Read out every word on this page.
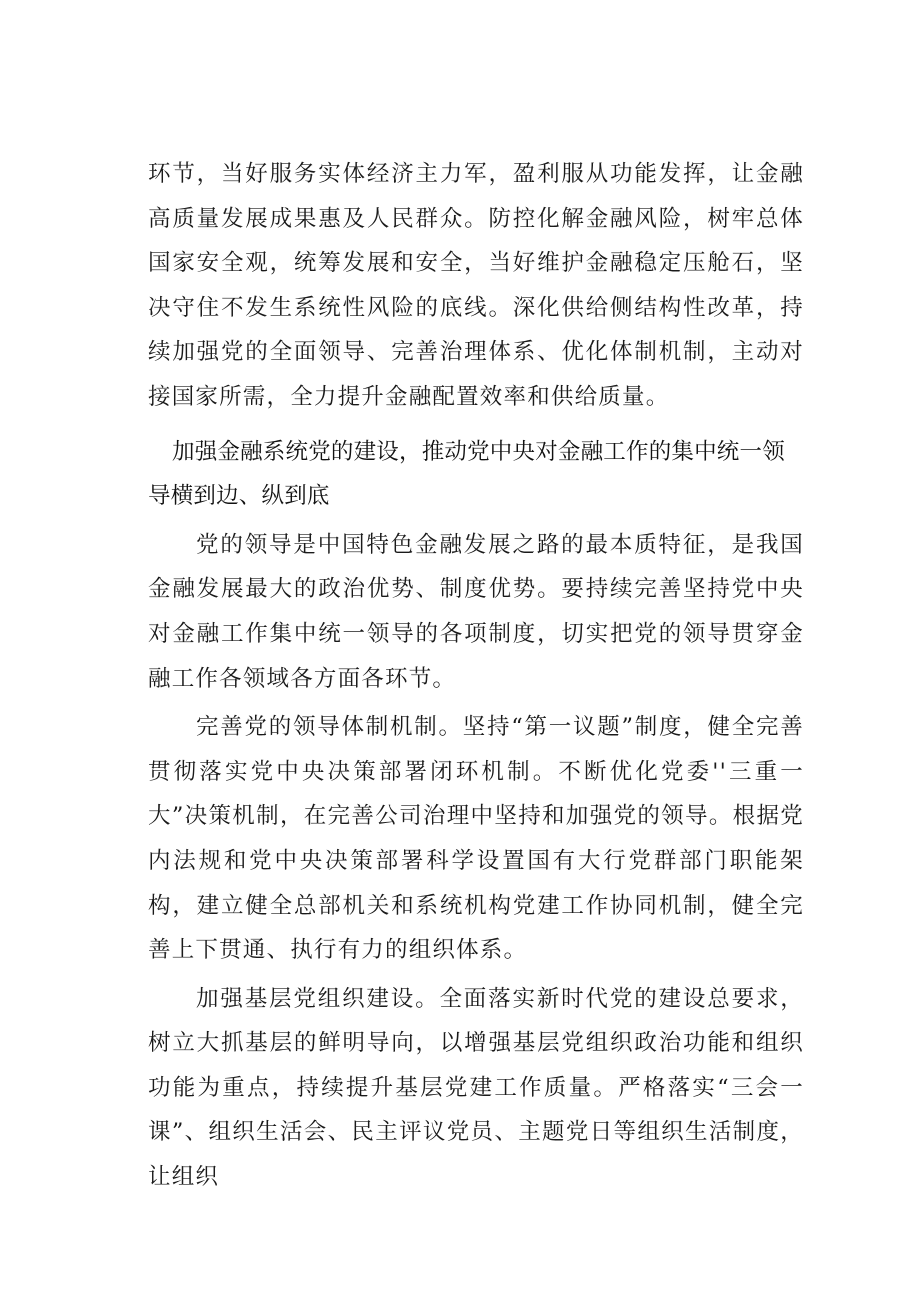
环节，当好服务实体经济主力军，盈利服从功能发挥，让金融高质量发展成果惠及人民群众。防控化解金融风险，树牢总体国家安全观，统筹发展和安全，当好维护金融稳定压舱石，坚决守住不发生系统性风险的底线。深化供给侧结构性改革，持续加强党的全面领导、完善治理体系、优化体制机制，主动对接国家所需，全力提升金融配置效率和供给质量。

加强金融系统党的建设，推动党中央对金融工作的集中统一领导横到边、纵到底

党的领导是中国特色金融发展之路的最本质特征，是我国金融发展最大的政治优势、制度优势。要持续完善坚持党中央对金融工作集中统一领导的各项制度，切实把党的领导贯穿金融工作各领域各方面各环节。

完善党的领导体制机制。坚持“第一议题”制度，健全完善贯彻落实党中央决策部署闭环机制。不断优化党委''三重一大”决策机制，在完善公司治理中坚持和加强党的领导。根据党内法规和党中央决策部署科学设置国有大行党群部门职能架构，建立健全总部机关和系统机构党建工作协同机制，健全完善上下贯通、执行有力的组织体系。

加强基层党组织建设。全面落实新时代党的建设总要求，树立大抓基层的鲜明导向，以增强基层党组织政治功能和组织功能为重点，持续提升基层党建工作质量。严格落实“三会一课”、组织生活会、民主评议党员、主题党日等组织生活制度，让组织
